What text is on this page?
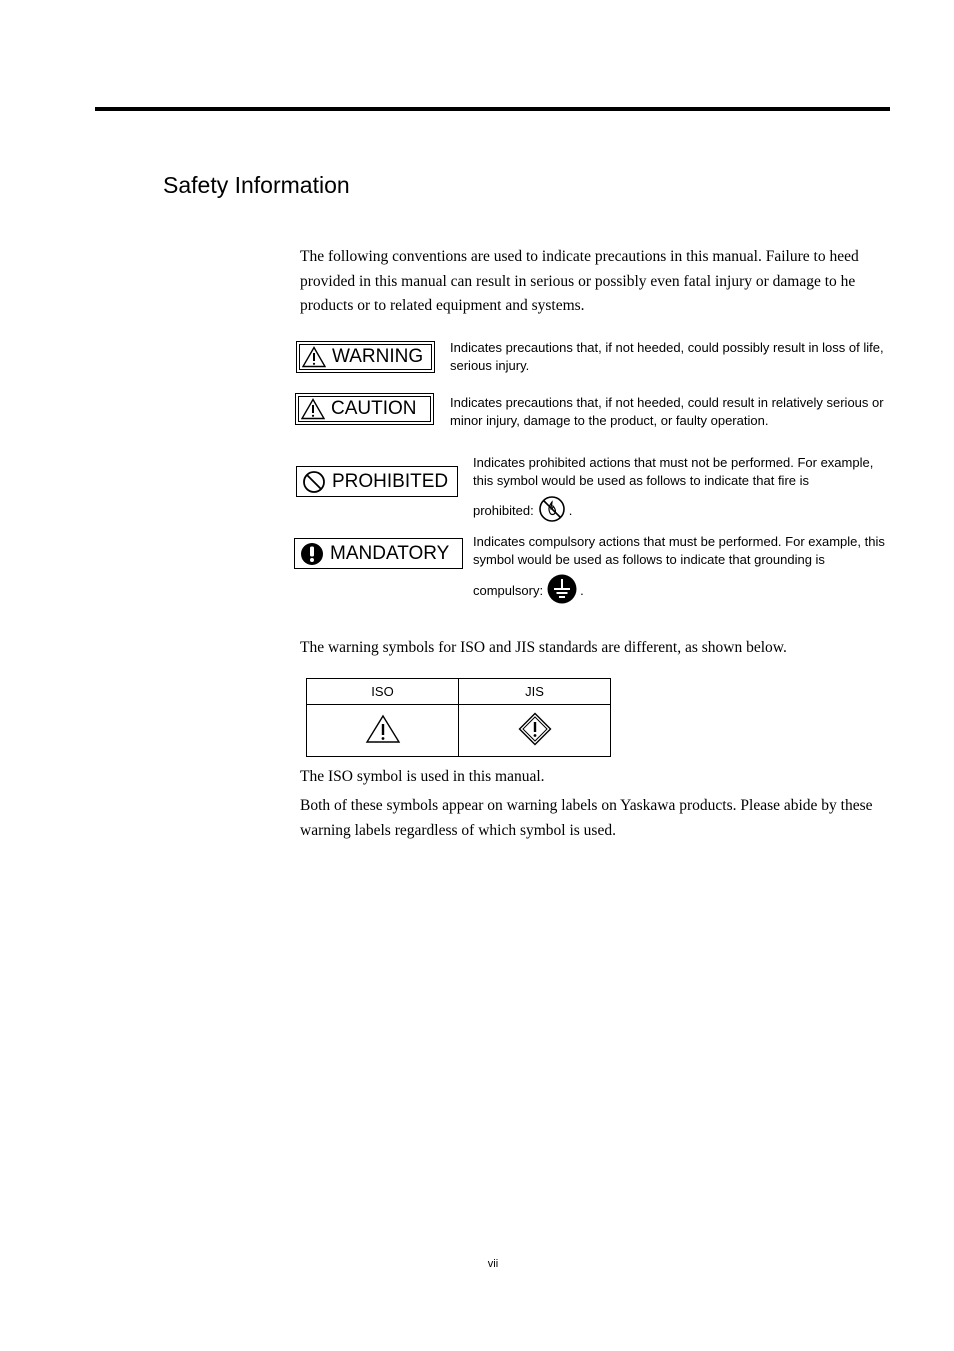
Safety Information
The following conventions are used to indicate precautions in this manual. Failure to heed provided in this manual can result in serious or possibly even fatal injury or damage to he products or to related equipment and systems.
WARNING Indicates precautions that, if not heeded, could possibly result in loss of life, serious injury.
CAUTION	Indicates precautions that, if not heeded, could result in relatively serious or minor injury, damage to the product, or faulty operation.
PROHIBITED
Indicates prohibited actions that must not be performed. For example, this symbol would be used as follows to indicate that fire is
prohibited:	.
MANDATORY
Indicates compulsory actions that must be performed. For example, this symbol would be used as follows to indicate that grounding is
compulsory:	.
The warning symbols for ISO and JIS standards are different, as shown below.
ISO	JIS

The ISO symbol is used in this manual.
Both of these symbols appear on warning labels on Yaskawa products. Please abide by these warning labels regardless of which symbol is used.
vii
